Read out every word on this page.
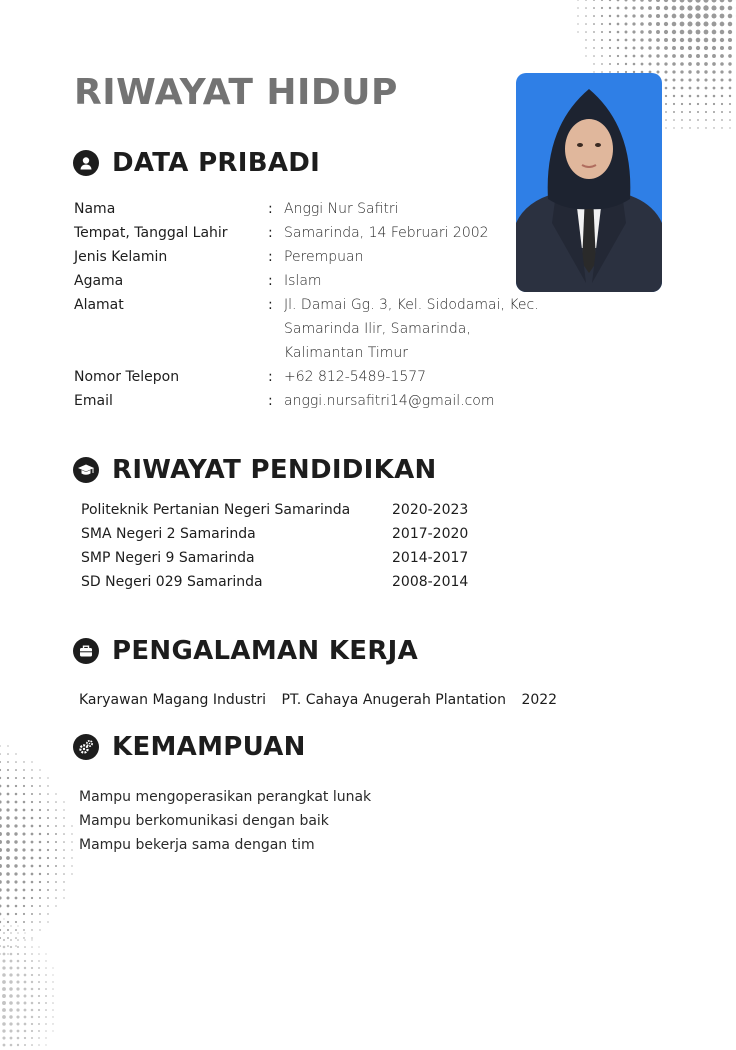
RIWAYAT HIDUP
DATA PRIBADI
Nama	: Anggi Nur Safitri
Tempat, Tanggal Lahir	: Samarinda, 14 Februari 2002
Jenis Kelamin	: Perempuan
Agama	: Islam
Alamat	: Jl. Damai Gg. 3, Kel. Sidodamai, Kec. Samarinda Ilir, Samarinda, Kalimantan Timur
Nomor Telepon	: +62 812-5489-1577
Email	: anggi.nursafitri14@gmail.com
RIWAYAT PENDIDIKAN
Politeknik Pertanian Negeri Samarinda	2020-2023
SMA Negeri 2 Samarinda	2017-2020
SMP Negeri 9 Samarinda	2014-2017
SD Negeri 029 Samarinda	2008-2014
PENGALAMAN KERJA
Karyawan Magang Industri PT. Cahaya Anugerah Plantation 2022
KEMAMPUAN
Mampu mengoperasikan perangkat lunak
Mampu berkomunikasi dengan baik
Mampu bekerja sama dengan tim
